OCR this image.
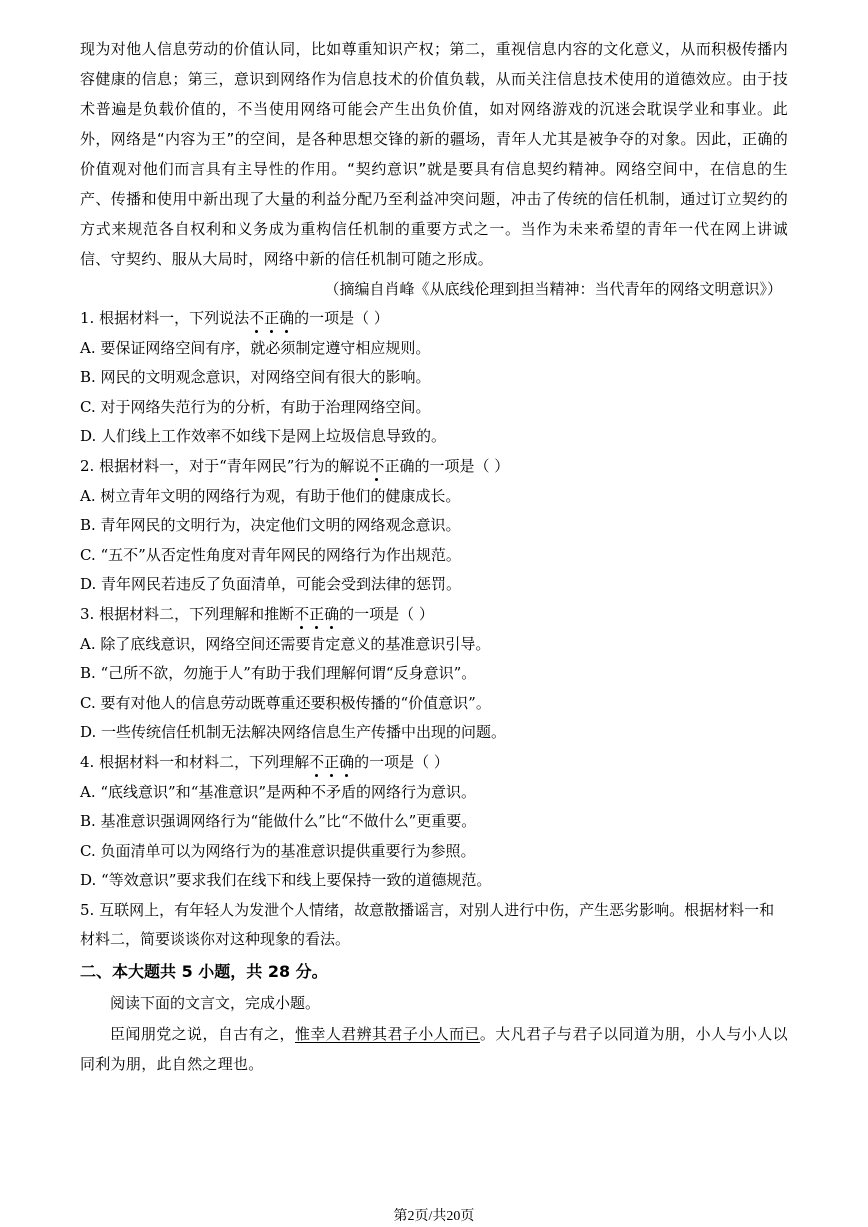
现为对他人信息劳动的价值认同，比如尊重知识产权；第二，重视信息内容的文化意义，从而积极传播内容健康的信息；第三，意识到网络作为信息技术的价值负载，从而关注信息技术使用的道德效应。由于技术普遍是负载价值的，不当使用网络可能会产生出负价值，如对网络游戏的沉迷会耽误学业和事业。此外，网络是“内容为王”的空间，是各种思想交锋的新的疆场，青年人尤其是被争夺的对象。因此，正确的价值观对他们而言具有主导性的作用。“契约意识”就是要具有信息契约精神。网络空间中，在信息的生产、传播和使用中新出现了大量的利益分配乃至利益冲突问题，冲击了传统的信任机制，通过订立契约的方式来规范各自权利和义务成为重构信任机制的重要方式之一。当作为未来希望的青年一代在网上讲诚信、守契约、服从大局时，网络中新的信任机制可随之形成。

（摘编自肖峰《从底线伦理到担当精神：当代青年的网络文明意识》）

1. 根据材料一，下列说法不正确的一项是（ ）

A. 要保证网络空间有序，就必须制定遵守相应规则。

B. 网民的文明观念意识，对网络空间有很大的影响。

C. 对于网络失范行为的分析，有助于治理网络空间。

D. 人们线上工作效率不如线下是网上垃圾信息导致的。

2. 根据材料一，对于“青年网民”行为的解说不正确的一项是（ ）

A. 树立青年文明的网络行为观，有助于他们的健康成长。

B. 青年网民的文明行为，决定他们文明的网络观念意识。

C. “五不”从否定性角度对青年网民的网络行为作出规范。

D. 青年网民若违反了负面清单，可能会受到法律的惩罚。

3. 根据材料二，下列理解和推断不正确的一项是（ ）

A. 除了底线意识，网络空间还需要肯定意义的基准意识引导。

B. “己所不欲，勿施于人”有助于我们理解何谓“反身意识”。

C. 要有对他人的信息劳动既尊重还要积极传播的“价值意识”。

D. 一些传统信任机制无法解决网络信息生产传播中出现的问题。

4. 根据材料一和材料二，下列理解不正确的一项是（ ）

A. “底线意识”和“基准意识”是两种不矛盾的网络行为意识。

B. 基准意识强调网络行为“能做什么”比“不做什么”更重要。

C. 负面清单可以为网络行为的基准意识提供重要行为参照。

D. “等效意识”要求我们在线下和线上要保持一致的道德规范。

5. 互联网上，有年轻人为发泄个人情绪，故意散播谣言，对别人进行中伤，产生恶劣影响。根据材料一和材料二，简要谈谈你对这种现象的看法。

二、本大题共 5 小题，共 28 分。

阅读下面的文言文，完成小题。

臣闻朋党之说，自古有之，惟幸人君辨其君子小人而已。大凡君子与君子以同道为朋，小人与小人以同利为朋，此自然之理也。

第2页/共20页
